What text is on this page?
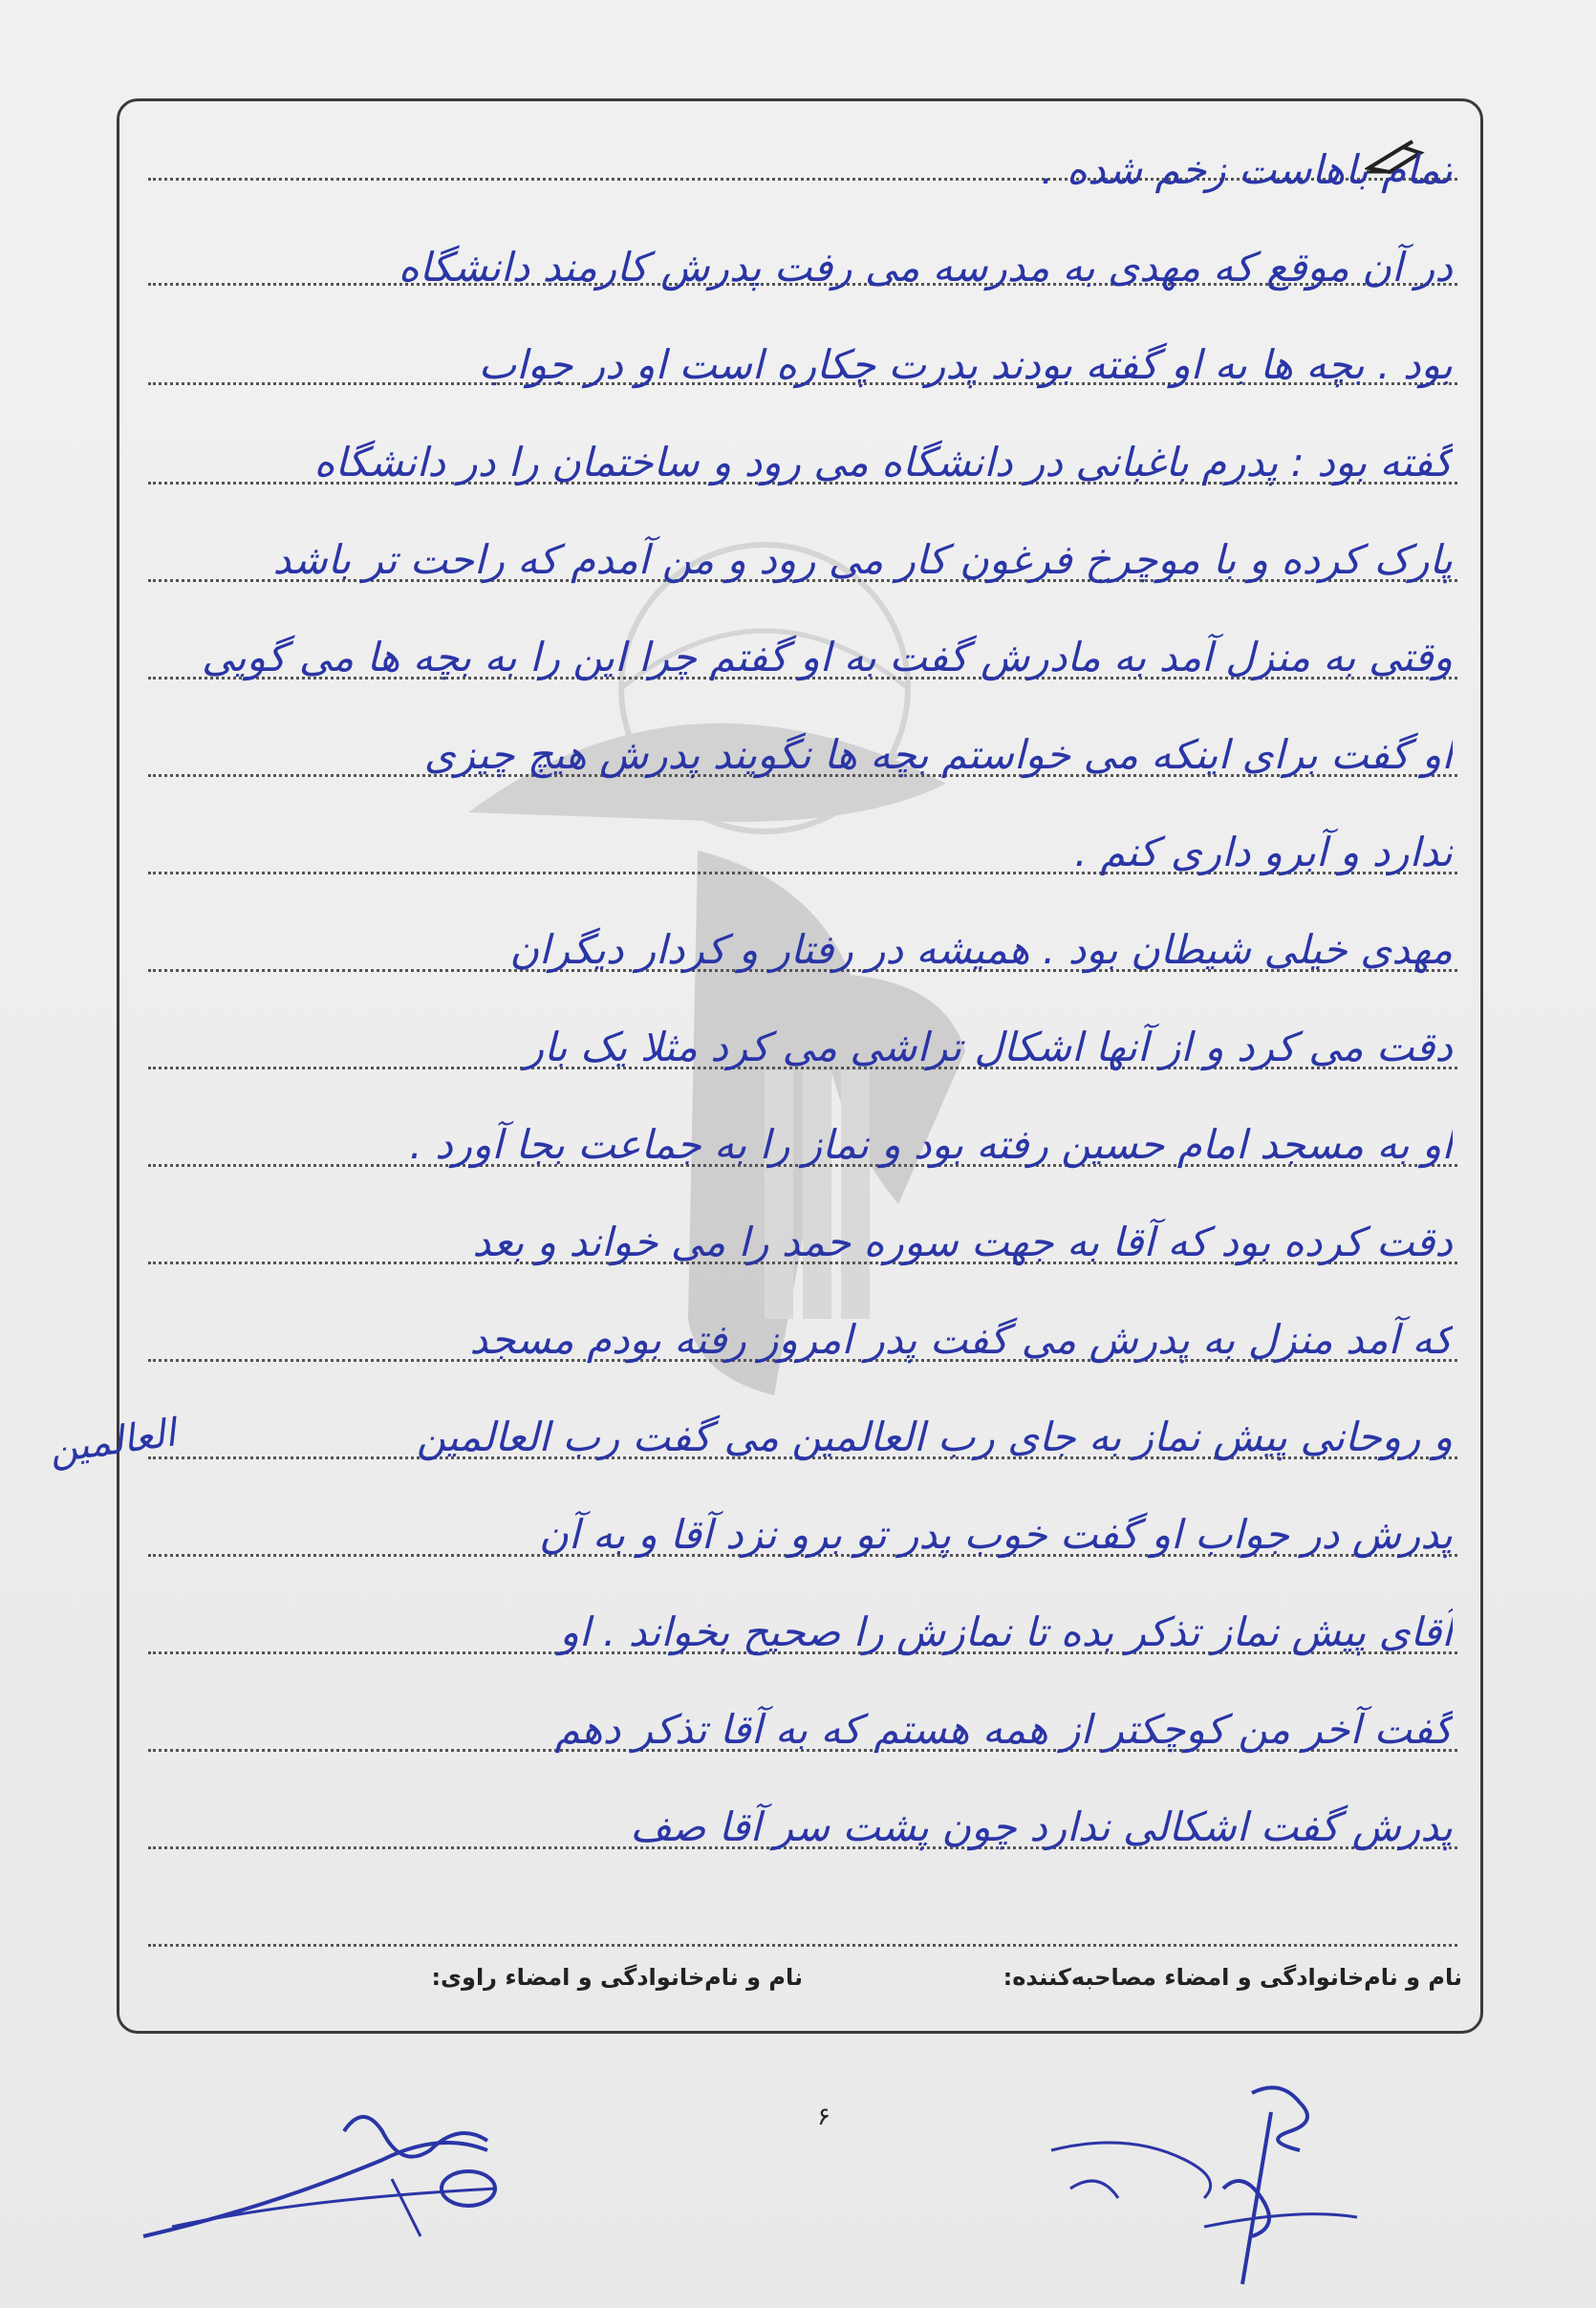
تمام باهاست زخم شده .
در آن موقع که مهدی به مدرسه می رفت پدرش کارمند دانشگاه
بود . بچه ها به او گفته بودند پدرت چکاره است او در جواب
گفته بود : پدرم باغبانی در دانشگاه می رود و ساختمان را در دانشگاه
پارک کرده و با موچرخ فرغون کار می رود و من آمدم که راحت تر باشد
وقتی به منزل آمد به مادرش گفت به او گفتم چرا این را به بچه ها می گویی
او گفت برای اینکه می خواستم بچه ها نگویند پدرش هیچ چیزی
ندارد و آبرو داری کنم .
مهدی خیلی شیطان بود . همیشه در رفتار و کردار دیگران
دقت می کرد و از آنها اشکال تراشی می کرد مثلا یک بار
او به مسجد امام حسین رفته بود و نماز را به جماعت بجا آورد .
دقت کرده بود که آقا به جهت سوره حمد را می خواند و بعد
که آمد منزل به پدرش می گفت پدر امروز رفته بودم مسجد
و روحانی پیش نماز به جای رب العالمین می گفت رب العالمین
پدرش در جواب او گفت خوب پدر تو برو نزد آقا و به آن
آقای پیش نماز تذکر بده تا نمازش را صحیح بخواند . او
گفت آخر من کوچکتر از همه هستم که به آقا تذکر دهم
پدرش گفت اشکالی ندارد چون پشت سر آقا صف
العالمین
نام و نام‌خانوادگی و امضاء مصاحبه‌کننده:
نام و نام‌خانوادگی و امضاء راوی:
۶
